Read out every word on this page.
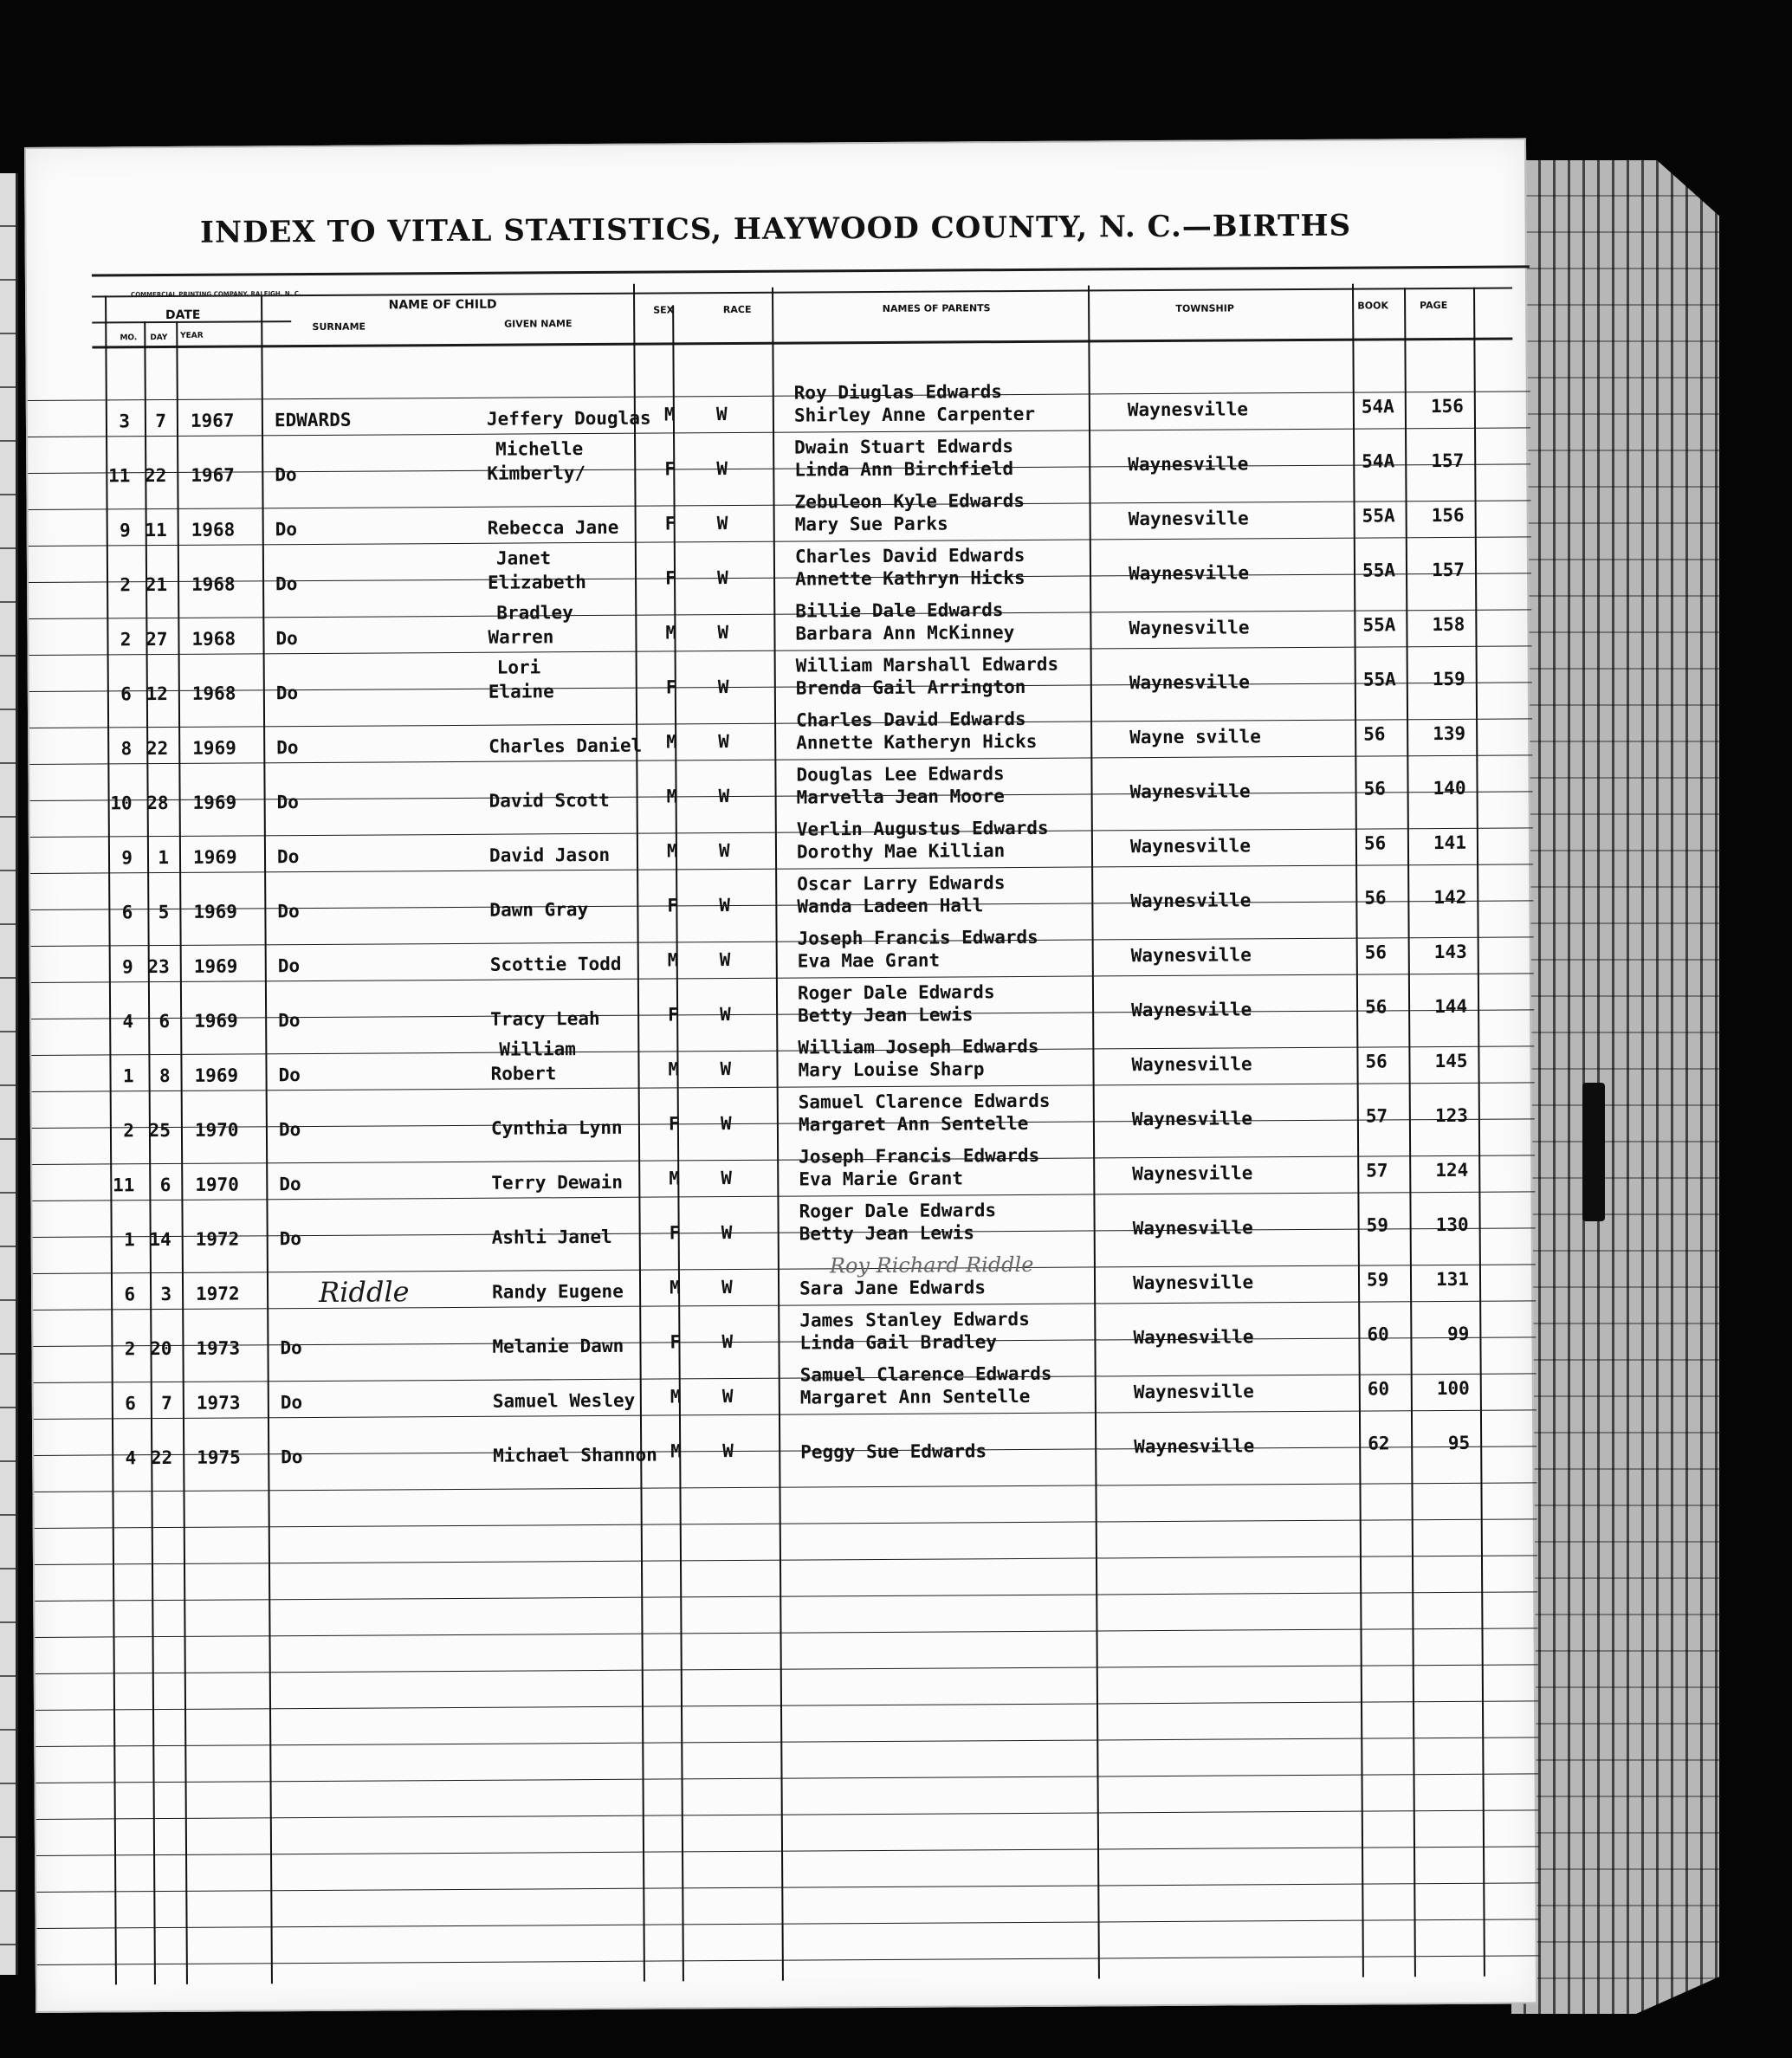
INDEX TO VITAL STATISTICS, HAYWOOD COUNTY, N. C.—BIRTHS
COMMERCIAL PRINTING COMPANY, RALEIGH, N. C.
DATE
MO.	DAY	YEAR
NAME OF CHILD
SURNAME	GIVEN NAME
SEX	RACE	NAMES OF PARENTS	TOWNSHIP	BOOK	PAGE
3	7 1967 EDWARDS	Jeffery Douglas M W
Roy Diuglas Edwards
Shirley Anne Carpenter	Waynesville	54A	156
11 22 1967 Do
Michelle
Kimberly/	F W
Dwain Stuart Edwards
Linda Ann Birchfield	Waynesville	54A	157
9 11 1968 Do	Rebecca Jane	F W
Zebuleon Kyle Edwards
Mary Sue Parks	Waynesville	55A	156
2 21 1968 Do
Janet
Elizabeth	F W
Charles David Edwards
Annette Kathryn Hicks	Waynesville	55A	157
2 27 1968 Do
Bradley
Warren	M W
Billie Dale Edwards
Barbara Ann McKinney	Waynesville	55A	158
6 12 1968 Do
Lori
Elaine	F W
William Marshall Edwards
Brenda Gail Arrington	Waynesville	55A	159
8 22 1969 Do	Charles Daniel M W
Charles David Edwards
Annette Katheryn Hicks	Wayne sville	56	139
10 28 1969 Do	David Scott	M W
Douglas Lee Edwards
Marvella Jean Moore	Waynesville	56	140
9	1 1969 Do	David Jason	M W
Verlin Augustus Edwards
Dorothy Mae Killian	Waynesville	56	141
6	5 1969 Do	Dawn Gray	F W
Oscar Larry Edwards
Wanda Ladeen Hall	Waynesville	56	142
9 23 1969 Do	Scottie Todd	M W
Joseph Francis Edwards
Eva Mae Grant	Waynesville	56	143
4	6 1969 Do	Tracy Leah	F W
Roger Dale Edwards
Betty Jean Lewis	Waynesville	56	144
1	8 1969 Do
William
Robert	M W
William Joseph Edwards
Mary Louise Sharp	Waynesville	56	145
2 25 1970 Do	Cynthia Lynn	F W
Samuel Clarence Edwards
Margaret Ann Sentelle	Waynesville	57	123
11	6 1970 Do	Terry Dewain	M W
Joseph Francis Edwards
Eva Marie Grant	Waynesville	57	124
1 14 1972 Do	Ashli Janel	F W
Roger Dale Edwards
Betty Jean Lewis	Waynesville	59	130
6	3 1972	Riddle	Randy Eugene	M W
Roy Richard Riddle
Sara Jane Edwards	Waynesville	59	131
2 20 1973 Do	Melanie Dawn	F W
James Stanley Edwards
Linda Gail Bradley	Waynesville	60	99
6	7 1973 Do	Samuel Wesley M W
Samuel Clarence Edwards
Margaret Ann Sentelle	Waynesville	60	100
4 22 1975 Do	Michael Shannon M W	Peggy Sue Edwards	Waynesville	62	95
